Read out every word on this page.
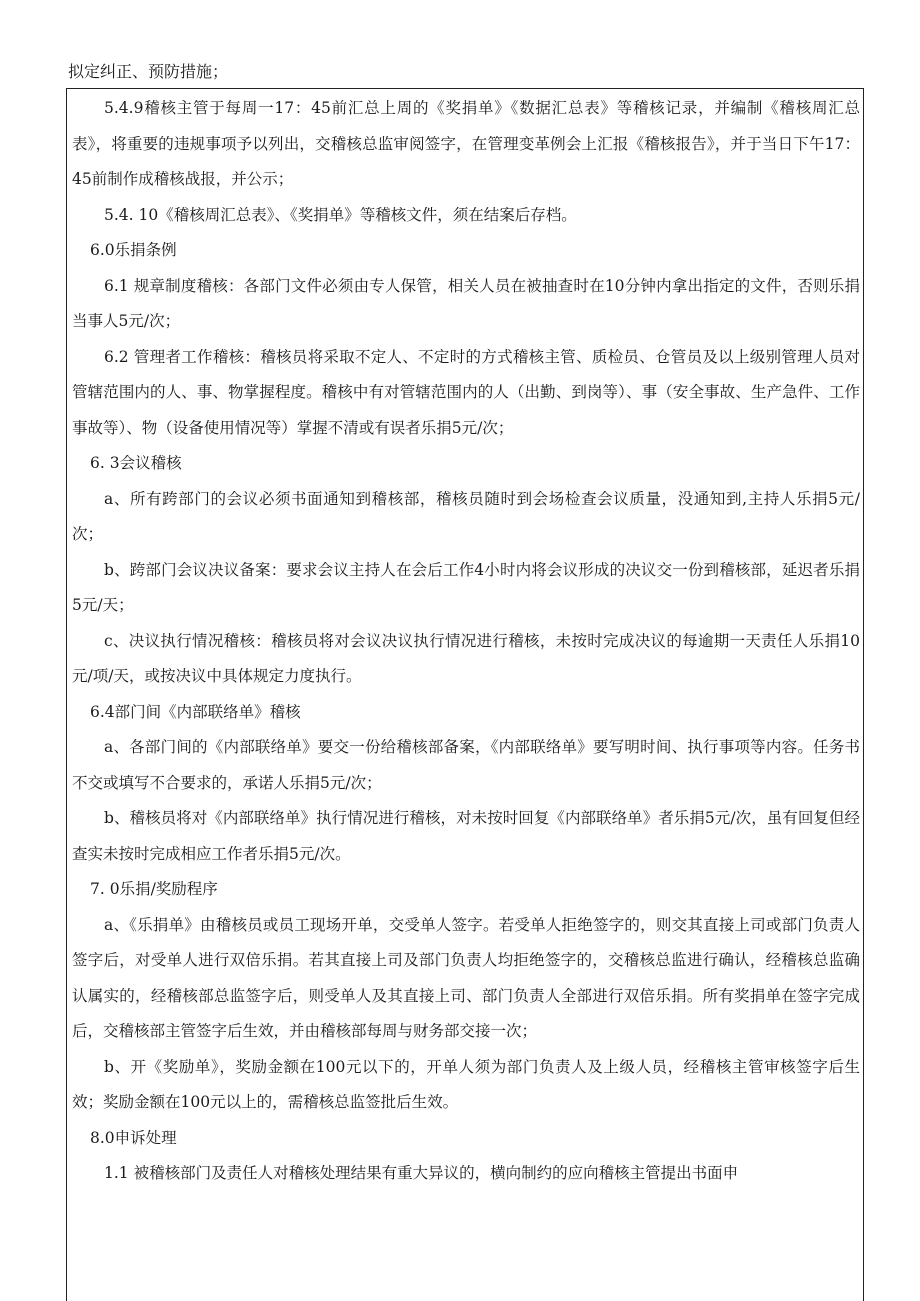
拟定纠正、预防措施；

5.4.9稽核主管于每周一17：45前汇总上周的《奖捐单》《数据汇总表》等稽核记录，并编制《稽核周汇总表》，将重要的违规事项予以列出，交稽核总监审阅签字，在管理变革例会上汇报《稽核报告》，并于当日下午17：45前制作成稽核战报，并公示；

5.4. 10《稽核周汇总表》、《奖捐单》等稽核文件，须在结案后存档。

6.0乐捐条例

6.1 规章制度稽核：各部门文件必须由专人保管，相关人员在被抽查时在10分钟内拿出指定的文件，否则乐捐当事人5元/次；

6.2 管理者工作稽核：稽核员将采取不定人、不定时的方式稽核主管、质检员、仓管员及以上级别管理人员对管辖范围内的人、事、物掌握程度。稽核中有对管辖范围内的人（出勤、到岗等）、事（安全事故、生产急件、工作事故等）、物（设备使用情况等）掌握不清或有误者乐捐5元/次；

6. 3会议稽核

a、所有跨部门的会议必须书面通知到稽核部，稽核员随时到会场检查会议质量，没通知到,主持人乐捐5元/次；

b、跨部门会议决议备案：要求会议主持人在会后工作4小时内将会议形成的决议交一份到稽核部，延迟者乐捐5元/天；

c、决议执行情况稽核：稽核员将对会议决议执行情况进行稽核，未按时完成决议的每逾期一天责任人乐捐10元/项/天，或按决议中具体规定力度执行。

6.4部门间《内部联络单》稽核

a、各部门间的《内部联络单》要交一份给稽核部备案，《内部联络单》要写明时间、执行事项等内容。任务书不交或填写不合要求的，承诺人乐捐5元/次；

b、稽核员将对《内部联络单》执行情况进行稽核，对未按时回复《内部联络单》者乐捐5元/次，虽有回复但经查实未按时完成相应工作者乐捐5元/次。

7. 0乐捐/奖励程序

a、《乐捐单》由稽核员或员工现场开单，交受单人签字。若受单人拒绝签字的，则交其直接上司或部门负责人签字后，对受单人进行双倍乐捐。若其直接上司及部门负责人均拒绝签字的，交稽核总监进行确认，经稽核总监确认属实的，经稽核部总监签字后，则受单人及其直接上司、部门负责人全部进行双倍乐捐。所有奖捐单在签字完成后，交稽核部主管签字后生效，并由稽核部每周与财务部交接一次；

b、开《奖励单》，奖励金额在100元以下的，开单人须为部门负责人及上级人员，经稽核主管审核签字后生效；奖励金额在100元以上的，需稽核总监签批后生效。

8.0申诉处理

1.1 被稽核部门及责任人对稽核处理结果有重大异议的，横向制约的应向稽核主管提出书面申
